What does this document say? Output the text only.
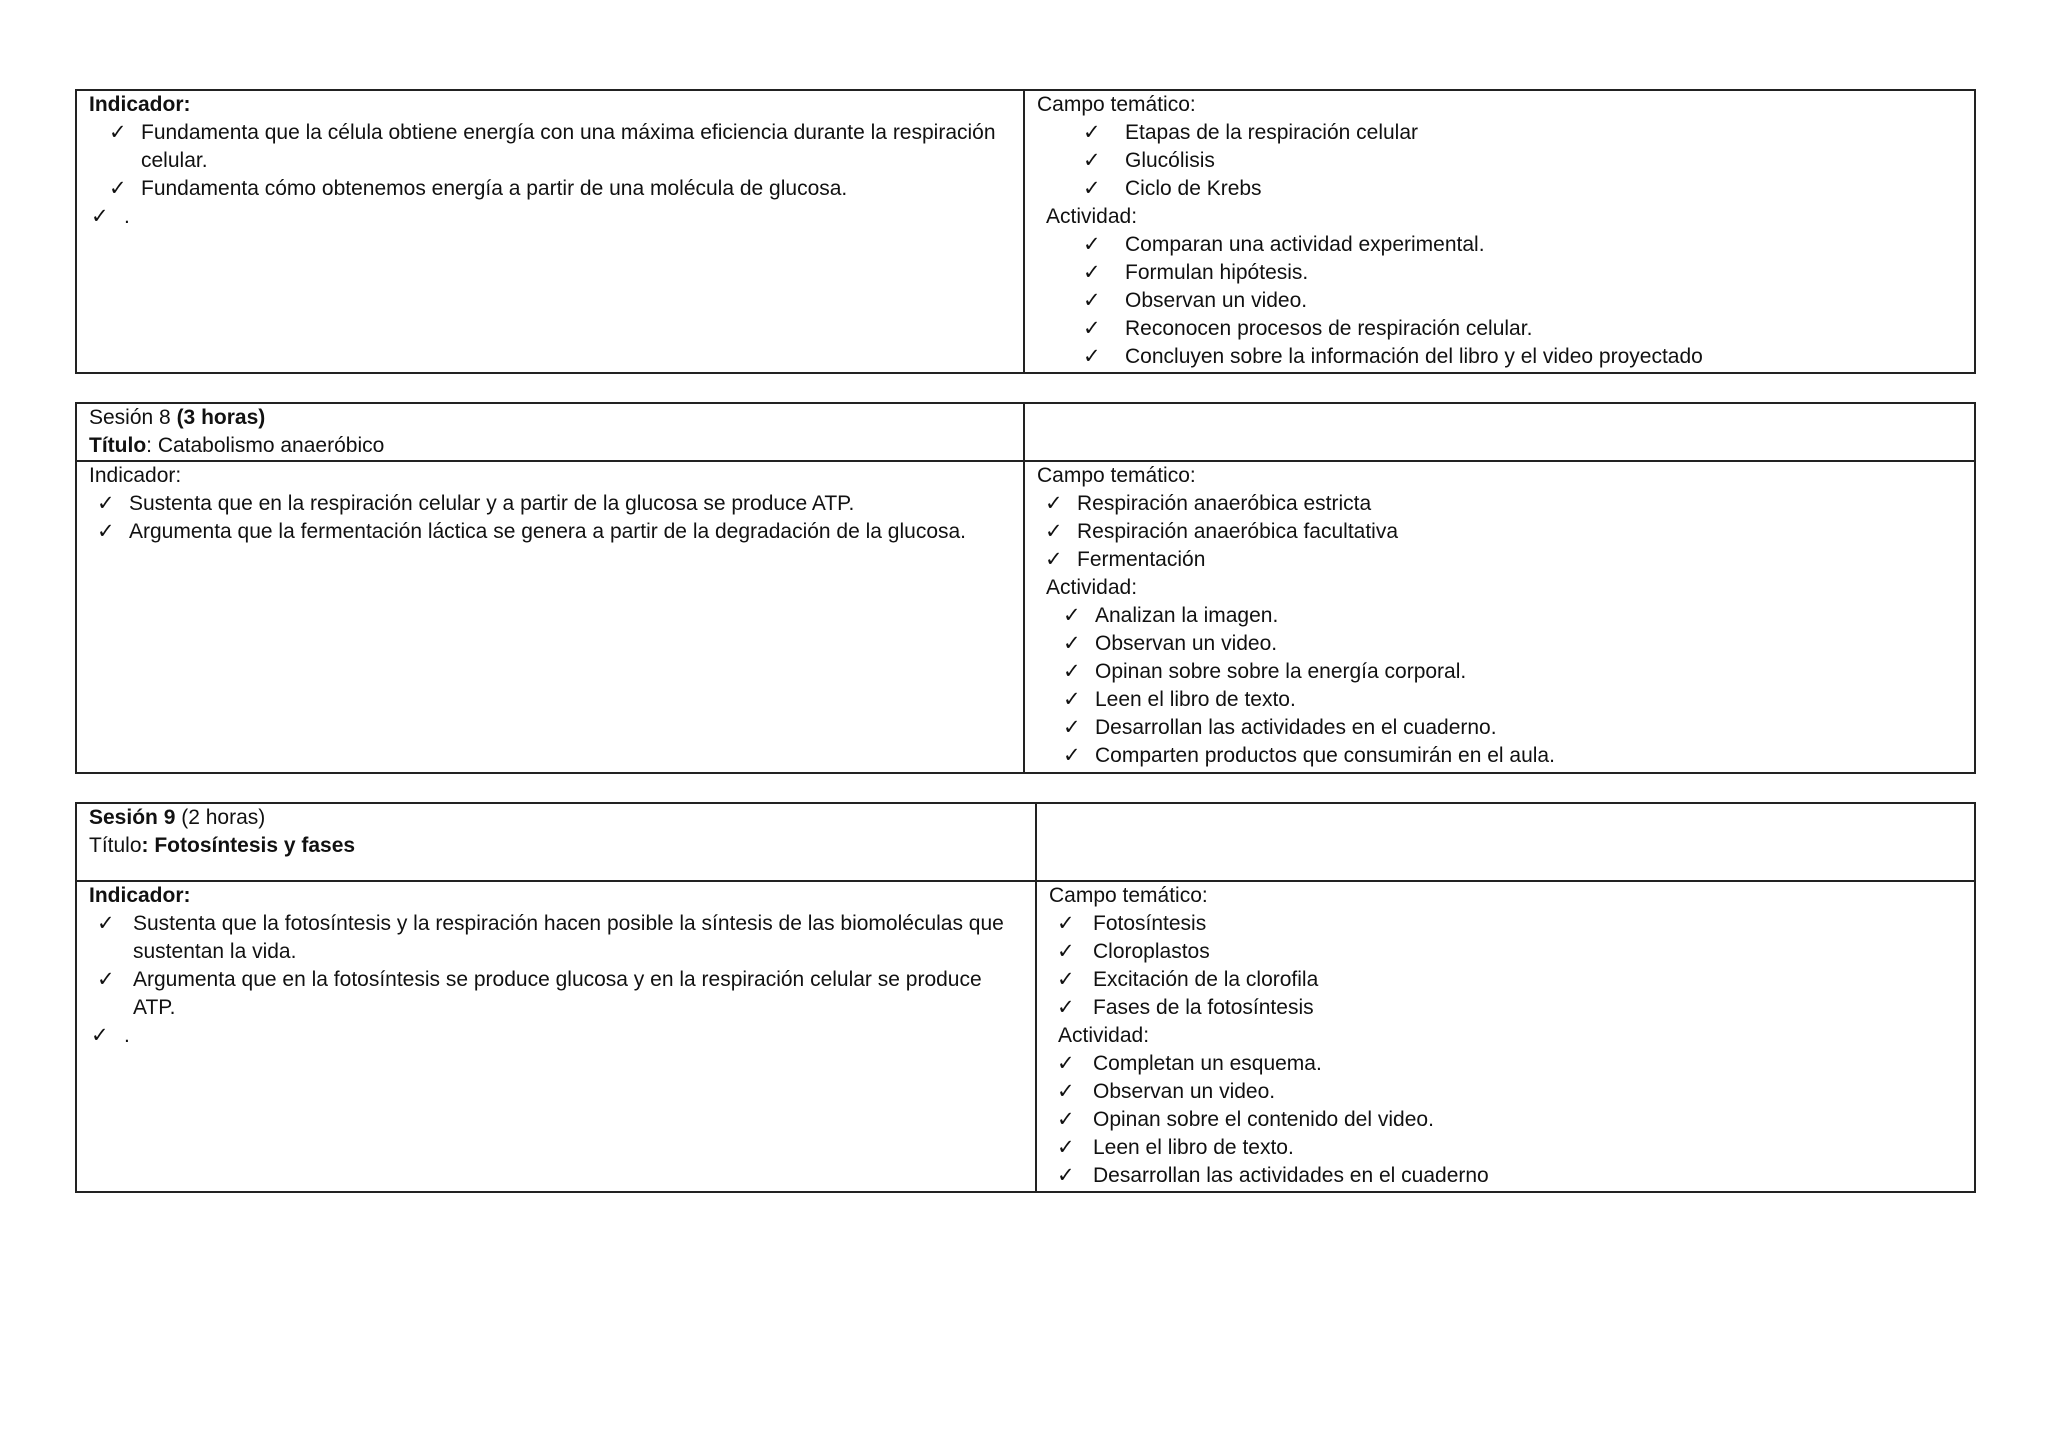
Indicador:
✓ Fundamenta que la célula obtiene energía con una máxima eficiencia durante la respiración celular.
✓ Fundamenta cómo obtenemos energía a partir de una molécula de glucosa.
✓ .
Campo temático:
✓ Etapas de la respiración celular
✓ Glucólisis
✓ Ciclo de Krebs
Actividad:
✓ Comparan una actividad experimental.
✓ Formulan hipótesis.
✓ Observan un video.
✓ Reconocen procesos de respiración celular.
✓ Concluyen sobre la información del libro y el video proyectado
Sesión 8 (3 horas)
Título: Catabolismo anaeróbico
Indicador:
✓ Sustenta que en la respiración celular y a partir de la glucosa se produce ATP.
✓ Argumenta que la fermentación láctica se genera a partir de la degradación de la glucosa.
Campo temático:
✓ Respiración anaeróbica estricta
✓ Respiración anaeróbica facultativa
✓ Fermentación
Actividad:
✓ Analizan la imagen.
✓ Observan un video.
✓ Opinan sobre sobre la energía corporal.
✓ Leen el libro de texto.
✓ Desarrollan las actividades en el cuaderno.
✓ Comparten productos que consumirán en el aula.
Sesión 9 (2 horas)
Título: Fotosíntesis y fases
Indicador:
✓ Sustenta que la fotosíntesis y la respiración hacen posible la síntesis de las biomoléculas que sustentan la vida.
✓ Argumenta que en la fotosíntesis se produce glucosa y en la respiración celular se produce ATP.
✓ .
Campo temático:
✓ Fotosíntesis
✓ Cloroplastos
✓ Excitación de la clorofila
✓ Fases de la fotosíntesis
Actividad:
✓ Completan un esquema.
✓ Observan un video.
✓ Opinan sobre el contenido del video.
✓ Leen el libro de texto.
✓ Desarrollan las actividades en el cuaderno
